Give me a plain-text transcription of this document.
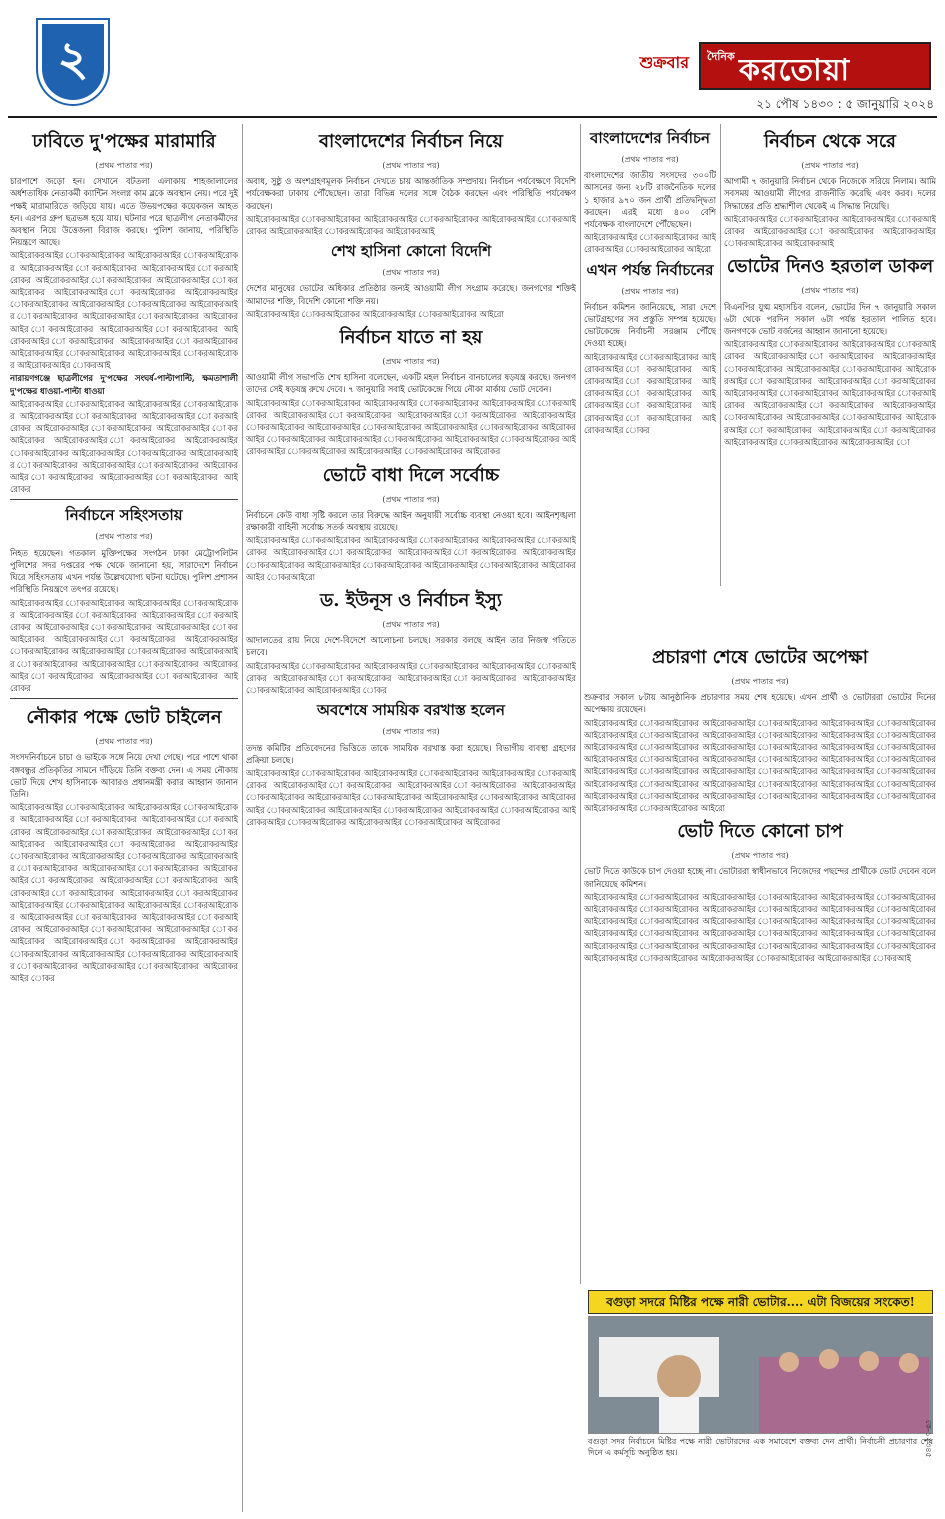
২	শুক্রবার দৈনিক করতোয়া
২১ পৌষ ১৪৩০ : ৫ জানুয়ারি ২০২৪
ঢাবিতে দু'পক্ষের মারামারি
(প্রথম পাতার পর)

চারপাশে জড়ো হন। সেখানে বটতলা এলাকায় শাহজালালের অর্ধশতাধিক নেতাকর্মী ক্যান্টিন সংলগ্ন কাম ব্লকে অবস্থান নেয়। পরে দুই পক্ষই মারামারিতে জড়িয়ে যায়। এতে উভয়পক্ষের কয়েকজন আহত হন। এরপর গ্রুপ ছত্রভঙ্গ হয়ে যায়। ঘটনার পরে ছাত্রলীগ নেতাকর্মীদের অবস্থান নিয়ে উত্তেজনা বিরাজ করছে। পুলিশ জানায়, পরিস্থিতি নিয়ন্ত্রণে আছে।

আইরোকরআইর োকরআইরোকর আইরোকরআইর োকরআইরোকর আইরোকরআইর োকরআইরোকর আইরোকরআইর োকরআইরোকর আইরোকরআইর োকরআইরোকর আইরোকরআইর োকরআইরোকর আইরোকরআইর োকরআইরোকর আইরোকরআইর োকরআইরোকর আইরোকরআইর োকরআইরোকর আইরোকরআইর োকরআইরোকর আইরোকরআইর োকরআইরোকর আইরোকরআইর োকরআইরোকর আইরোকরআইর োকরআইরোকর আইরোকরআইর োকরআইরোকর আইরোকরআইর োকরআইরোকর আইরোকরআইর োকরআইরোকর আইরোকরআইর োকরআইরোকর আইরোকরআইর োকরআই

নারায়ণগঞ্জে ছাত্রলীগের দু'পক্ষের সংঘর্ষ-পাল্টাপাল্টি, ক্ষমতাশালী দু'পক্ষের ধাওয়া-পাল্টা ধাওয়া

আইরোকরআইর োকরআইরোকর আইরোকরআইর োকরআইরোকর আইরোকরআইর োকরআইরোকর আইরোকরআইর োকরআইরোকর আইরোকরআইর োকরআইরোকর আইরোকরআইর োকরআইরোকর আইরোকরআইর োকরআইরোকর আইরোকরআইর োকরআইরোকর আইরোকরআইর োকরআইরোকর আইরোকরআইর োকরআইরোকর আইরোকরআইর োকরআইরোকর আইরোকরআইর োকরআইরোকর আইরোকরআইর োকরআইরোকর আইরোকর

নির্বাচনে সহিংসতায়
(প্রথম পাতার পর)

নিহত হয়েছেন। গতকাল মুক্তিপক্ষের সংগঠন ঢাকা মেট্রোপলিটন পুলিশের সদর দপ্তরের পক্ষ থেকে জানানো হয়, সারাদেশে নির্বাচন ঘিরে সহিংসতায় এখন পর্যন্ত উল্লেখযোগ্য ঘটনা ঘটেছে। পুলিশ প্রশাসন পরিস্থিতি নিয়ন্ত্রণে তৎপর রয়েছে।

আইরোকরআইর োকরআইরোকর আইরোকরআইর োকরআইরোকর আইরোকরআইর োকরআইরোকর আইরোকরআইর োকরআইরোকর আইরোকরআইর োকরআইরোকর আইরোকরআইর োকরআইরোকর আইরোকরআইর োকরআইরোকর আইরোকরআইর োকরআইরোকর আইরোকরআইর োকরআইরোকর আইরোকরআইর োকরআইরোকর আইরোকরআইর োকরআইরোকর আইরোকরআইর োকরআইরোকর আইরোকরআইর োকরআইরোকর আইরোকর

নৌকার পক্ষে ভোট চাইলেন
(প্রথম পাতার পর)

সংসদনির্বাচনে চাচা ও ভাইকে সঙ্গে নিয়ে দেখা গেছে। পরে পাশে থাকা বঙ্গবন্ধুর প্রতিকৃতির সামনে দাঁড়িয়ে তিনি বক্তব্য দেন। এ সময় নৌকায় ভোট দিয়ে শেখ হাসিনাকে আবারও প্রধানমন্ত্রী করার আহ্বান জানান তিনি।

আইরোকরআইর োকরআইরোকর আইরোকরআইর োকরআইরোকর আইরোকরআইর োকরআইরোকর আইরোকরআইর োকরআইরোকর আইরোকরআইর োকরআইরোকর আইরোকরআইর োকরআইরোকর আইরোকরআইর োকরআইরোকর আইরোকরআইর োকরআইরোকর আইরোকরআইর োকরআইরোকর আইরোকরআইর োকরআইরোকর আইরোকরআইর োকরআইরোকর আইরোকরআইর োকরআইরোকর আইরোকরআইর োকরআইরোকর আইরোকরআইর োকরআইরোকর আইরোকরআইর োকরআইরোকর আইরোকরআইর োকরআইরোকর আইরোকরআইর োকরআইরোকর আইরোকরআইর োকরআইরোকর আইরোকরআইর োকরআইরোকর আইরোকরআইর োকরআইরোকর আইরোকরআইর োকরআইরোকর আইরোকরআইর োকরআইরোকর আইরোকরআইর োকরআইরোকর আইরোকরআইর োকরআইরোকর আইরোকরআইর োকরআইরোকর আইরোকরআইর োকরআইরোকর আইরোকরআইর োকর

বাংলাদেশের নির্বাচন নিয়ে
(প্রথম পাতার পর)

অবাধ, সুষ্ঠু ও অংশগ্রহণমূলক নির্বাচন দেখতে চায় আন্তর্জাতিক সম্প্রদায়। নির্বাচন পর্যবেক্ষণে বিদেশি পর্যবেক্ষকরা ঢাকায় পৌঁছেছেন। তারা বিভিন্ন দলের সঙ্গে বৈঠক করছেন এবং পরিস্থিতি পর্যবেক্ষণ করছেন।

আইরোকরআইর োকরআইরোকর আইরোকরআইর োকরআইরোকর আইরোকরআইর োকরআইরোকর আইরোকরআইর োকরআইরোকর আইরোকরআই

শেখ হাসিনা কোনো বিদেশি
(প্রথম পাতার পর)

দেশের মানুষের ভোটের অধিকার প্রতিষ্ঠার জন্যই আওয়ামী লীগ সংগ্রাম করেছে। জনগণের শক্তিই আমাদের শক্তি, বিদেশি কোনো শক্তি নয়।

আইরোকরআইর োকরআইরোকর আইরোকরআইর োকরআইরোকর আইরো

নির্বাচন যাতে না হয়
(প্রথম পাতার পর)

আওয়ামী লীগ সভাপতি শেখ হাসিনা বলেছেন, একটি মহল নির্বাচন বানচালের ষড়যন্ত্র করছে। জনগণ তাদের সেই ষড়যন্ত্র রুখে দেবে। ৭ জানুয়ারি সবাই ভোটকেন্দ্রে গিয়ে নৌকা মার্কায় ভোট দেবেন।

আইরোকরআইর োকরআইরোকর আইরোকরআইর োকরআইরোকর আইরোকরআইর োকরআইরোকর আইরোকরআইর োকরআইরোকর আইরোকরআইর োকরআইরোকর আইরোকরআইর োকরআইরোকর আইরোকরআইর োকরআইরোকর আইরোকরআইর োকরআইরোকর আইরোকরআইর োকরআইরোকর আইরোকরআইর োকরআইরোকর আইরোকরআইর োকরআইরোকর আইরোকরআইর োকরআইরোকর আইরোকরআইর োকরআইরোকর আইরোকর

ভোটে বাধা দিলে সর্বোচ্চ
(প্রথম পাতার পর)

নির্বাচনে কেউ বাধা সৃষ্টি করলে তার বিরুদ্ধে আইন অনুযায়ী সর্বোচ্চ ব্যবস্থা নেওয়া হবে। আইনশৃঙ্খলা রক্ষাকারী বাহিনী সর্বোচ্চ সতর্ক অবস্থায় রয়েছে।

আইরোকরআইর োকরআইরোকর আইরোকরআইর োকরআইরোকর আইরোকরআইর োকরআইরোকর আইরোকরআইর োকরআইরোকর আইরোকরআইর োকরআইরোকর আইরোকরআইর োকরআইরোকর আইরোকরআইর োকরআইরোকর আইরোকরআইর োকরআইরোকর আইরোকরআইর োকরআইরো

ড. ইউনূস ও নির্বাচন ইস্যু
(প্রথম পাতার পর)

আদালতের রায় নিয়ে দেশে-বিদেশে আলোচনা চলছে। সরকার বলছে আইন তার নিজস্ব গতিতে চলবে।

আইরোকরআইর োকরআইরোকর আইরোকরআইর োকরআইরোকর আইরোকরআইর োকরআইরোকর আইরোকরআইর োকরআইরোকর আইরোকরআইর োকরআইরোকর আইরোকরআইর োকরআইরোকর আইরোকরআইর োকর

অবশেষে সাময়িক বরখাস্ত হলেন
(প্রথম পাতার পর)

তদন্ত কমিটির প্রতিবেদনের ভিত্তিতে তাকে সাময়িক বরখাস্ত করা হয়েছে। বিভাগীয় ব্যবস্থা গ্রহণের প্রক্রিয়া চলছে।

আইরোকরআইর োকরআইরোকর আইরোকরআইর োকরআইরোকর আইরোকরআইর োকরআইরোকর আইরোকরআইর োকরআইরোকর আইরোকরআইর োকরআইরোকর আইরোকরআইর োকরআইরোকর আইরোকরআইর োকরআইরোকর আইরোকরআইর োকরআইরোকর আইরোকরআইর োকরআইরোকর আইরোকরআইর োকরআইরোকর আইরোকরআইর োকরআইরোকর আইরোকরআইর োকরআইরোকর আইরোকরআইর োকরআইরোকর আইরোকর

বাংলাদেশের নির্বাচন
(প্রথম পাতার পর)

বাংলাদেশের জাতীয় সংসদের ৩০০টি আসনের জন্য ২৮টি রাজনৈতিক দলের ১ হাজার ৯৭০ জন প্রার্থী প্রতিদ্বন্দ্বিতা করছেন। এরই মধ্যে ৪০০ বেশি পর্যবেক্ষক বাংলাদেশে পৌঁছেছেন।

আইরোকরআইর োকরআইরোকর আইরোকরআইর োকরআইরোকর আইরো

এখন পর্যন্ত নির্বাচনের
(প্রথম পাতার পর)

নির্বাচন কমিশন জানিয়েছে, সারা দেশে ভোটগ্রহণের সব প্রস্তুতি সম্পন্ন হয়েছে। ভোটকেন্দ্রে নির্বাচনী সরঞ্জাম পৌঁছে দেওয়া হচ্ছে।

আইরোকরআইর োকরআইরোকর আইরোকরআইর োকরআইরোকর আইরোকরআইর োকরআইরোকর আইরোকরআইর োকরআইরোকর আইরোকরআইর োকরআইরোকর আইরোকরআইর োকরআইরোকর আইরোকরআইর োকর

নির্বাচন থেকে সরে
(প্রথম পাতার পর)

আগামী ৭ জানুয়ারি নির্বাচন থেকে নিজেকে সরিয়ে নিলাম। আমি সবসময় আওয়ামী লীগের রাজনীতি করেছি এবং করব। দলের সিদ্ধান্তের প্রতি শ্রদ্ধাশীল থেকেই এ সিদ্ধান্ত নিয়েছি।

আইরোকরআইর োকরআইরোকর আইরোকরআইর োকরআইরোকর আইরোকরআইর োকরআইরোকর আইরোকরআইর োকরআইরোকর আইরোকরআই

ভোটের দিনও হরতাল ডাকল
(প্রথম পাতার পর)

বিএনপির যুগ্ম মহাসচিব বলেন, ভোটের দিন ৭ জানুয়ারি সকাল ৬টা থেকে পরদিন সকাল ৬টা পর্যন্ত হরতাল পালিত হবে। জনগণকে ভোট বর্জনের আহ্বান জানানো হয়েছে।

আইরোকরআইর োকরআইরোকর আইরোকরআইর োকরআইরোকর আইরোকরআইর োকরআইরোকর আইরোকরআইর োকরআইরোকর আইরোকরআইর োকরআইরোকর আইরোকরআইর োকরআইরোকর আইরোকরআইর োকরআইরোকর আইরোকরআইর োকরআইরোকর আইরোকরআইর োকরআইরোকর আইরোকরআইর োকরআইরোকর আইরোকরআইর োকরআইরোকর আইরোকরআইর োকরআইরোকর আইরোকরআইর োকরআইরোকর আইরোকরআইর োকরআইরোকর আইরোকরআইর োকরআইরোকর আইরোকরআইর ো

প্রচারণা শেষে ভোটের অপেক্ষা
(প্রথম পাতার পর)

শুক্রবার সকাল ৮টায় আনুষ্ঠানিক প্রচারণার সময় শেষ হয়েছে। এখন প্রার্থী ও ভোটাররা ভোটের দিনের অপেক্ষায় রয়েছেন।

আইরোকরআইর োকরআইরোকর আইরোকরআইর োকরআইরোকর আইরোকরআইর োকরআইরোকর আইরোকরআইর োকরআইরোকর আইরোকরআইর োকরআইরোকর আইরোকরআইর োকরআইরোকর আইরোকরআইর োকরআইরোকর আইরোকরআইর োকরআইরোকর আইরোকরআইর োকরআইরোকর আইরোকরআইর োকরআইরোকর আইরোকরআইর োকরআইরোকর আইরোকরআইর োকরআইরোকর আইরোকরআইর োকরআইরোকর আইরোকরআইর োকরআইরোকর আইরোকরআইর োকরআইরোকর আইরোকরআইর োকরআইরোকর আইরোকরআইর োকরআইরোকর আইরোকরআইর োকরআইরোকর আইরোকরআইর োকরআইরোকর আইরোকরআইর োকরআইরোকর আইরোকরআইর োকরআইরোকর আইরোকরআইর োকরআইরোকর আইরো

ভোট দিতে কোনো চাপ
(প্রথম পাতার পর)

ভোট দিতে কাউকে চাপ দেওয়া হচ্ছে না। ভোটাররা স্বাধীনভাবে নিজেদের পছন্দের প্রার্থীকে ভোট দেবেন বলে জানিয়েছে কমিশন।

আইরোকরআইর োকরআইরোকর আইরোকরআইর োকরআইরোকর আইরোকরআইর োকরআইরোকর আইরোকরআইর োকরআইরোকর আইরোকরআইর োকরআইরোকর আইরোকরআইর োকরআইরোকর আইরোকরআইর োকরআইরোকর আইরোকরআইর োকরআইরোকর আইরোকরআইর োকরআইরোকর আইরোকরআইর োকরআইরোকর আইরোকরআইর োকরআইরোকর আইরোকরআইর োকরআইরোকর আইরোকরআইর োকরআইরোকর আইরোকরআইর োকরআইরোকর আইরোকরআইর োকরআইরোকর আইরোকরআইর োকরআইরোকর আইরোকরআইর োকরআইরোকর আইরোকরআইর োকরআই

বগুড়া সদরে মিষ্টির পক্ষে নারী ভোটার.... এটা বিজয়ের সংকেত!
বগুড়া সদর নির্বাচনে মিষ্টির পক্ষে নারী ভোটারদের এক সমাবেশে বক্তব্য দেন প্রার্থী। নির্বাচনী প্রচারণার শেষ দিনে এ কর্মসূচি অনুষ্ঠিত হয়।	কে-১২৩৪৫
